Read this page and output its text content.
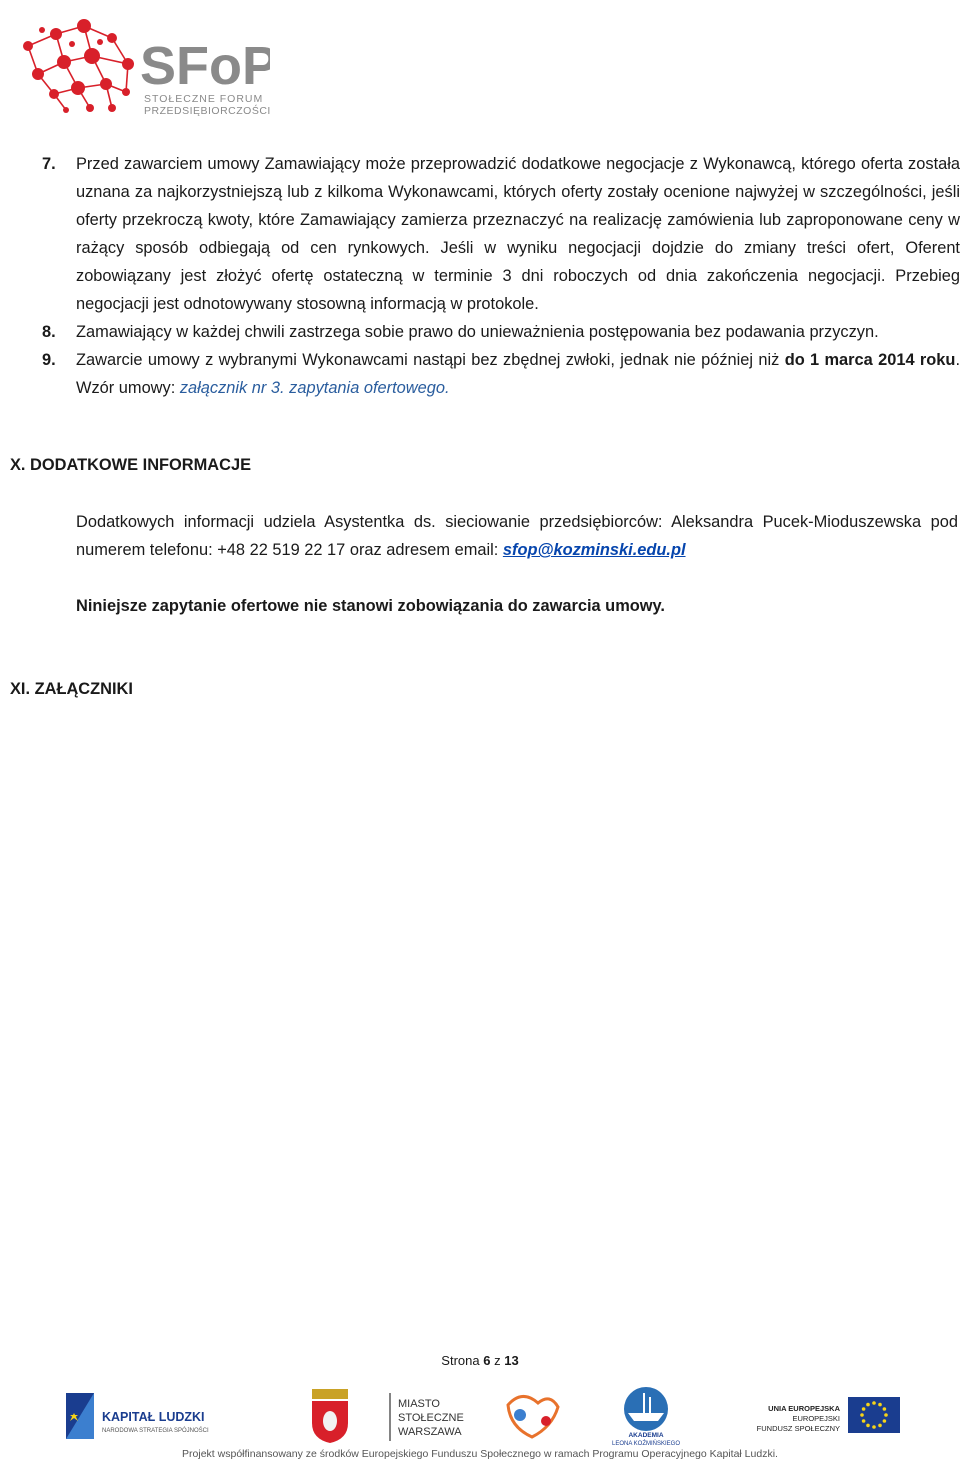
SFoP
STOŁECZNE FORUM
PRZEDSIĘBIORCZOŚCI
7. Przed zawarciem umowy Zamawiający może przeprowadzić dodatkowe negocjacje z Wykonawcą, którego oferta została uznana za najkorzystniejszą lub z kilkoma Wykonawcami, których oferty zostały ocenione najwyżej w szczególności, jeśli oferty przekroczą kwoty, które Zamawiający zamierza przeznaczyć na realizację zamówienia lub zaproponowane ceny w rażący sposób odbiegają od cen rynkowych. Jeśli w wyniku negocjacji dojdzie do zmiany treści ofert, Oferent zobowiązany jest złożyć ofertę ostateczną w terminie 3 dni roboczych od dnia zakończenia negocjacji. Przebieg negocjacji jest odnotowywany stosowną informacją w protokole.
8. Zamawiający w każdej chwili zastrzega sobie prawo do unieważnienia postępowania bez podawania przyczyn.
9. Zawarcie umowy z wybranymi Wykonawcami nastąpi bez zbędnej zwłoki, jednak nie później niż do 1 marca 2014 roku. Wzór umowy: załącznik nr 3. zapytania ofertowego.
X. DODATKOWE INFORMACJE
Dodatkowych informacji udziela Asystentka ds. sieciowanie przedsiębiorców: Aleksandra Pucek-Mioduszewska pod numerem telefonu: +48 22 519 22 17 oraz adresem email: sfop@kozminski.edu.pl
Niniejsze zapytanie ofertowe nie stanowi zobowiązania do zawarcia umowy.
XI. ZAŁĄCZNIKI
Strona 6 z 13
KAPITAŁ LUDZKI
NARODOWA STRATEGIA SPÓJNOŚCI
MIASTO
STOŁECZNE
WARSZAWA	AKADEMIA
LEONA KOŹMIŃSKIEGO
UNIA EUROPEJSKA
EUROPEJSKI
FUNDUSZ SPOŁECZNY
Projekt współfinansowany ze środków Europejskiego Funduszu Społecznego w ramach Programu Operacyjnego Kapitał Ludzki.
